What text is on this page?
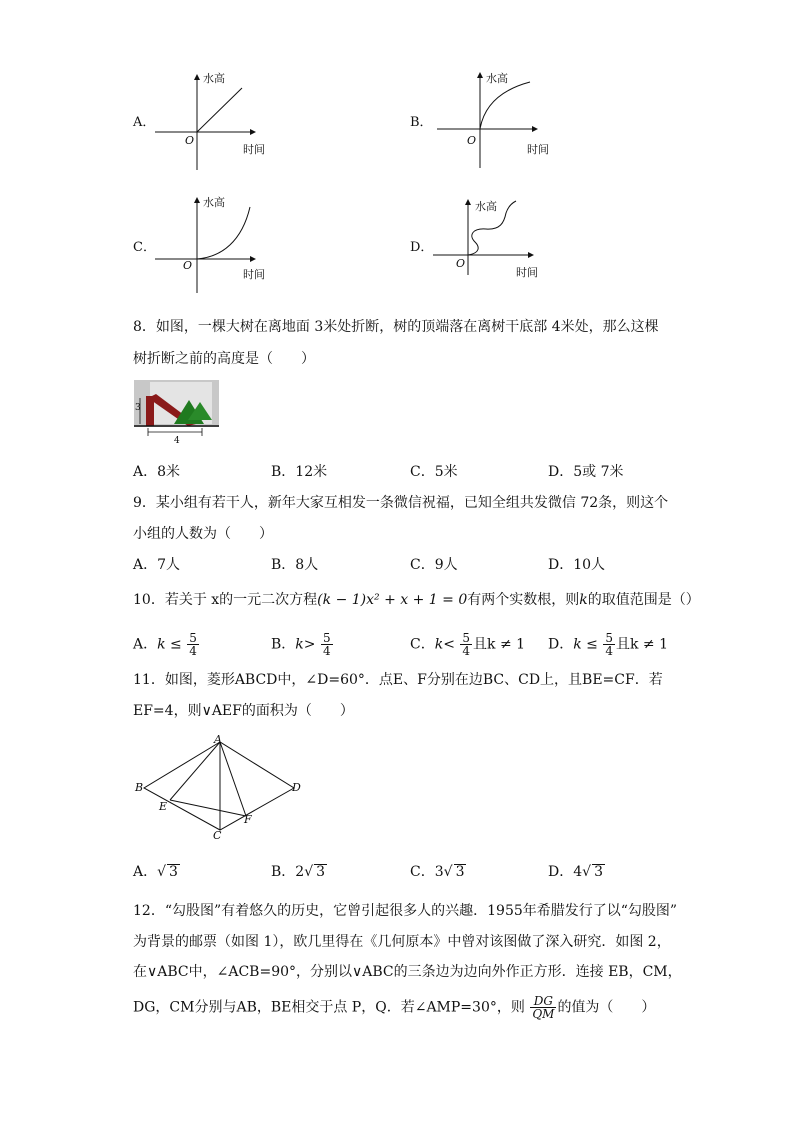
A．
水高
时间
O
B．
水高
时间
O
C．
水高
时间
O
D．
水高
时间
O
8．如图，一棵大树在离地面 3米处折断，树的顶端落在离树干底部 4米处，那么这棵
树折断之前的高度是（　　）
3
4
A．8米	B．12米	C．5米	D．5或 7米
9．某小组有若干人，新年大家互相发一条微信祝福，已知全组共发微信 72条，则这个
小组的人数为（　　）
A．7人	B．8人	C．9人	D．10人
10．若关于 x的一元二次方程(k − 1)x² + x + 1 = 0有两个实数根，则k的取值范围是（）
A．$k \le \frac{5}{4}$	B．$k> \frac{5}{4}$	C．$k< \frac{5}{4}$ 且k ≠ 1 D．$k \le \frac{5}{4}$ 且k ≠ 1
11．如图，菱形ABCD中，∠D=60°．点E、F分别在边BC、CD上，且BE=CF．若
EF=4，则∨AEF的面积为（　　）
A
B	D
E
F
C
A．√ 3	B．2√ 3	C．3√ 3	D．4√ 3
12．“勾股图”有着悠久的历史，它曾引起很多人的兴趣．1955年希腊发行了以“勾股图”
为背景的邮票（如图 1），欧几里得在《几何原本》中曾对该图做了深入研究．如图 2，
在∨ABC中，∠ACB=90°，分别以∨ABC的三条边为边向外作正方形．连接 EB，CM，
DG，CM分别与AB，BE相交于点 P，Q．若∠AMP=30°，则 $\frac{DG}{QM}$ 的值为（　　）
